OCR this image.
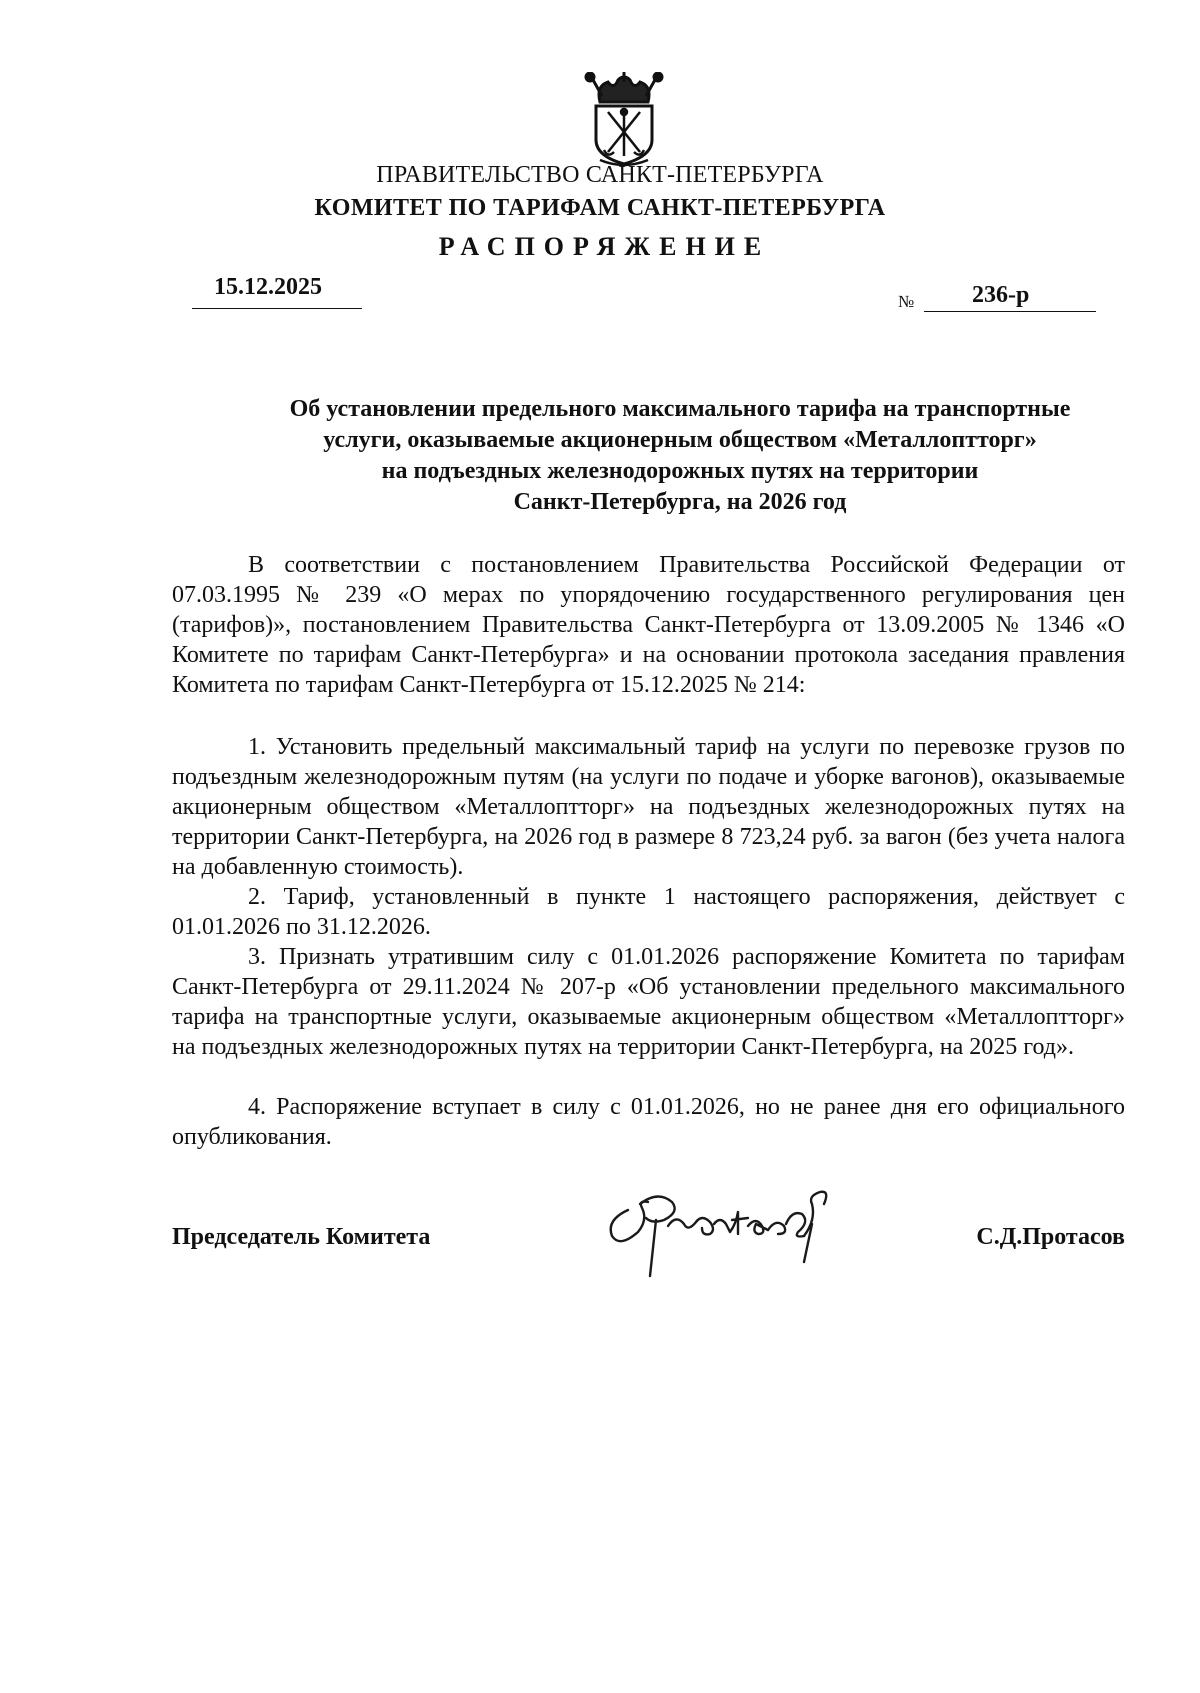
ПРАВИТЕЛЬСТВО САНКТ-ПЕТЕРБУРГА
КОМИТЕТ ПО ТАРИФАМ САНКТ-ПЕТЕРБУРГА
РАСПОРЯЖЕНИЕ
15.12.2025
№ 236-р
Об установлении предельного максимального тарифа на транспортные
услуги, оказываемые акционерным обществом «Металлоптторг»
на подъездных железнодорожных путях на территории
Санкт-Петербурга, на 2026 год

В соответствии с постановлением Правительства Российской Федерации от 07.03.1995 № 239 «О мерах по упорядочению государственного регулирования цен (тарифов)», постановлением Правительства Санкт-Петербурга от 13.09.2005 № 1346 «О Комитете по тарифам Санкт-Петербурга» и на основании протокола заседания правления Комитета по тарифам Санкт-Петербурга от 15.12.2025 № 214:

1. Установить предельный максимальный тариф на услуги по перевозке грузов по подъездным железнодорожным путям (на услуги по подаче и уборке вагонов), оказываемые акционерным обществом «Металлоптторг» на подъездных железнодорожных путях на территории Санкт-Петербурга, на 2026 год в размере 8 723,24 руб. за вагон (без учета налога на добавленную стоимость).

2. Тариф, установленный в пункте 1 настоящего распоряжения, действует с 01.01.2026 по 31.12.2026.

3. Признать утратившим силу с 01.01.2026 распоряжение Комитета по тарифам Санкт-Петербурга от 29.11.2024 № 207-р «Об установлении предельного максимального тарифа на транспортные услуги, оказываемые акционерным обществом «Металлоптторг» на подъездных железнодорожных путях на территории Санкт-Петербурга, на 2025 год».

4. Распоряжение вступает в силу с 01.01.2026, но не ранее дня его официального опубликования.

Председатель Комитета	С.Д.Протасов
